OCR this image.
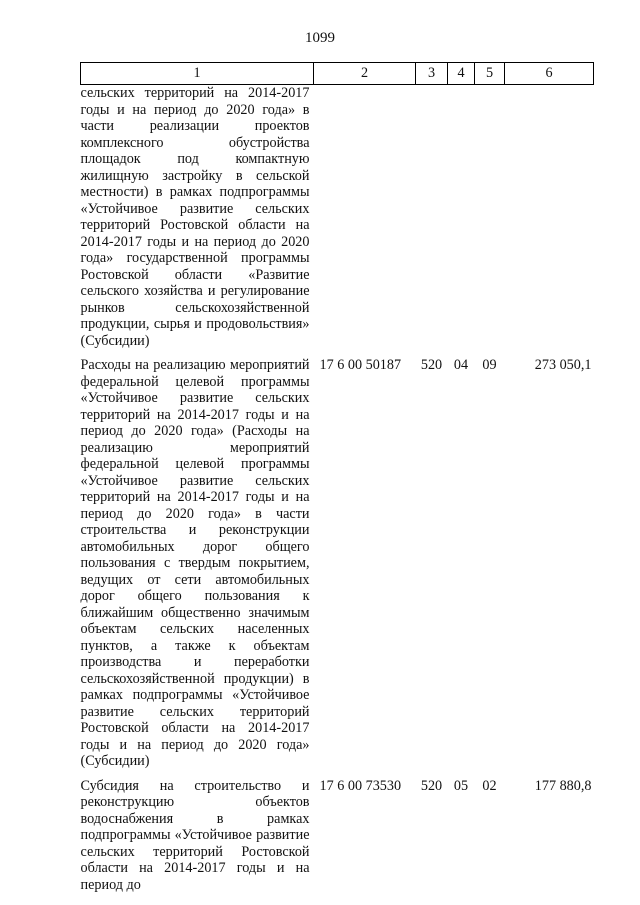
1099
1	2	3	4	5	6
сельских территорий на 2014-2017 годы и на период до 2020 года» в части реализации проектов комплексного обустройства площадок под компактную жилищную застройку в сельской местности) в рамках подпрограммы «Устойчивое развитие сельских территорий Ростовской области на 2014-2017 годы и на период до 2020 года» государственной программы Ростовской области «Развитие сельского хозяйства и регулирование рынков сельскохозяйственной продукции, сырья и продовольствия» (Субсидии)					
Расходы на реализацию мероприятий федеральной целевой программы «Устойчивое развитие сельских территорий на 2014-2017 годы и на период до 2020 года» (Расходы на реализацию мероприятий федеральной целевой программы «Устойчивое развитие сельских территорий на 2014-2017 годы и на период до 2020 года» в части строительства и реконструкции автомобильных дорог общего пользования с твердым покрытием, ведущих от сети автомобильных дорог общего пользования к ближайшим общественно значимым объектам сельских населенных пунктов, а также к объектам производства и переработки сельскохозяйственной продукции) в рамках подпрограммы «Устойчивое развитие сельских территорий Ростовской области на 2014-2017 годы и на период до 2020 года» (Субсидии)	17 6 00 50187	520	04	09	273 050,1
Субсидия на строительство и реконструкцию объектов водоснабжения в рамках подпрограммы «Устойчивое развитие сельских территорий Ростовской области на 2014-2017 годы и на период до	17 6 00 73530	520	05	02	177 880,8
